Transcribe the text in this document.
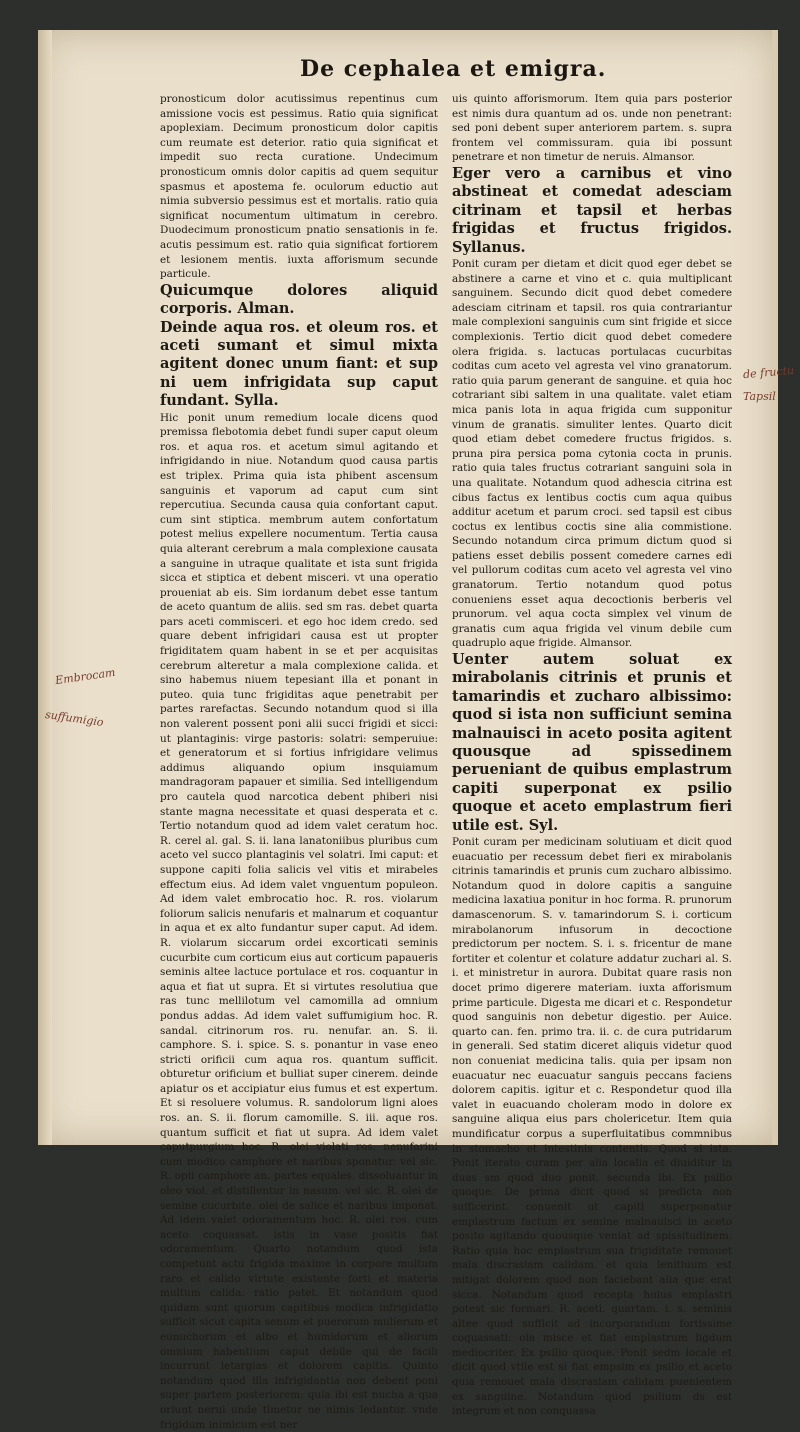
De cephalea et emigra.

pronosticum dolor acutissimus repentinus cum amissione vocis est pessimus. Ratio quia significat apoplexiam. Decimum pronosticum dolor capitis cum reumate est deterior. ratio quia significat et impedit suo recta curatione. Undecimum pronosticum omnis dolor capitis ad quem sequitur spasmus et apostema fe. oculorum eductio aut nimia subversio pessimus est et mortalis. ratio quia significat nocumentum ultimatum in cerebro. Duodecimum pronosticum pnatio sensationis in fe. acutis pessimum est. ratio quia significat fortiorem et lesionem mentis. iuxta afforismum secunde particule.

Quicumque dolores aliquid corporis. Alman.

Deinde aqua ros. et oleum ros. et aceti sumant et simul mixta agitent donec unum fiant: et sup ni uem infrigidata sup caput fundant. Sylla.

Hic ponit unum remedium locale dicens quod premissa flebotomia debet fundi super caput oleum ros. et aqua ros. et acetum simul agitando et infrigidando in niue. Notandum quod causa partis est triplex. Prima quia ista phibent ascensum sanguinis et vaporum ad caput cum sint repercutiua. Secunda causa quia confortant caput. cum sint stiptica. membrum autem confortatum potest melius expellere nocumentum. Tertia causa quia alterant cerebrum a mala complexione causata a sanguine in utraque qualitate et ista sunt frigida sicca et stiptica et debent misceri. vt una operatio proueniat ab eis. Sim iordanum debet esse tantum de aceto quantum de aliis. sed sm ras. debet quarta pars aceti commisceri. et ego hoc idem credo. sed quare debent infrigidari causa est ut propter frigiditatem quam habent in se et per acquisitas cerebrum alteretur a mala complexione calida. et sino habemus niuem tepesiant illa et ponant in puteo. quia tunc frigiditas aque penetrabit per partes rarefactas. Secundo notandum quod si illa non valerent possent poni alii succi frigidi et sicci: ut plantaginis: virge pastoris: solatri: semperuiue: et generatorum et si fortius infrigidare velimus addimus aliquando opium insquiamum mandragoram papauer et similia. Sed intelligendum pro cautela quod narcotica debent phiberi nisi stante magna necessitate et quasi desperata et c. Tertio notandum quod ad idem valet ceratum hoc. R. cerel al. gal. S. ii. lana lanatoniibus pluribus cum aceto vel succo plantaginis vel solatri. Imi caput: et suppone capiti folia salicis vel vitis et mirabeles effectum eius. Ad idem valet vnguentum populeon. Ad idem valet embrocatio hoc. R. ros. violarum foliorum salicis nenufaris et malnarum et coquantur in aqua et ex alto fundantur super caput. Ad idem. R. violarum siccarum ordei excorticati seminis cucurbite cum corticum eius aut corticum papaueris seminis altee lactuce portulace et ros. coquantur in aqua et fiat ut supra. Et si virtutes resolutiua que ras tunc mellilotum vel camomilla ad omnium pondus addas. Ad idem valet suffumigium hoc. R. sandal. citrinorum ros. ru. nenufar. an. S. ii. camphore. S. i. spice. S. s. ponantur in vase eneo stricti orificii cum aqua ros. quantum sufficit. obturetur orificium et bulliat super cinerem. deinde apiatur os et accipiatur eius fumus et est expertum. Et si resoluere volumus. R. sandolorum ligni aloes ros. an. S. ii. florum camomille. S. iii. aque ros. quantum sufficit et fiat ut supra. Ad idem valet caputpurgium hoc. R. olei violati ros. nenufarini cum modico camphore et naribus sponatur. vel sic. R. opii camphore an. partes equales. dissoluantur in oleo viol. et distillentur in nasum. vel sic. R. olei de semine cucurbite. olei de salice et naribus imponat. Ad idem valet odoramentum hoc. R. olei ros. cum aceto coquassat. istis in vase positis fiat odoramentum. Quarto notandum quod ista competunt actu frigida maxime in corpore multum raro et calido virtute existente forti et materia multum calida. ratio patet. Et notandum quod quidam sunt quorum capitibus modica infrigidatio sufficit sicut capita senum et puerorum mulierum et eunuchorum et albo et humidorum et aliorum omnium habentium caput debile qui de facili incurrunt letargias et dolorem capitis. Quinto notandum quod illa infrigidantia non debent poni super partem posteriorem: quia ibi est nucha a qua oriunt nerui unde timetur ne nimis ledantur. vnde frigidum inimicum est ner

uis quinto afforismorum. Item quia pars posterior est nimis dura quantum ad os. unde non penetrant: sed poni debent super anteriorem partem. s. supra frontem vel commissuram. quia ibi possunt penetrare et non timetur de neruis. Almansor.

Eger vero a carnibus et vino abstineat et comedat adesciam citrinam et tapsil et herbas frigidas et fructus frigidos. Syllanus.

Ponit curam per dietam et dicit quod eger debet se abstinere a carne et vino et c. quia multiplicant sanguinem. Secundo dicit quod debet comedere adesciam citrinam et tapsil. ros quia contrariantur male complexioni sanguinis cum sint frigide et sicce complexionis. Tertio dicit quod debet comedere olera frigida. s. lactucas portulacas cucurbitas coditas cum aceto vel agresta vel vino granatorum. ratio quia parum generant de sanguine. et quia hoc cotrariant sibi saltem in una qualitate. valet etiam mica panis lota in aqua frigida cum supponitur vinum de granatis. simuliter lentes. Quarto dicit quod etiam debet comedere fructus frigidos. s. pruna pira persica poma cytonia cocta in prunis. ratio quia tales fructus cotrariant sanguini sola in una qualitate. Notandum quod adhescia citrina est cibus factus ex lentibus coctis cum aqua quibus additur acetum et parum croci. sed tapsil est cibus coctus ex lentibus coctis sine alia commistione. Secundo notandum circa primum dictum quod si patiens esset debilis possent comedere carnes edi vel pullorum coditas cum aceto vel agresta vel vino granatorum. Tertio notandum quod potus conueniens esset aqua decoctionis berberis vel prunorum. vel aqua cocta simplex vel vinum de granatis cum aqua frigida vel vinum debile cum quadruplo aque frigide. Almansor.

Uenter autem soluat ex mirabolanis citrinis et prunis et tamarindis et zucharo albissimo: quod si ista non sufficiunt semina malnauisci in aceto posita agitent quousque ad spissedinem perueniant de quibus emplastrum capiti superponat ex psilio quoque et aceto emplastrum fieri utile est. Syl.

Ponit curam per medicinam solutiuam et dicit quod euacuatio per recessum debet fieri ex mirabolanis citrinis tamarindis et prunis cum zucharo albissimo. Notandum quod in dolore capitis a sanguine medicina laxatiua ponitur in hoc forma. R. prunorum damascenorum. S. v. tamarindorum S. i. corticum mirabolanorum infusorum in decoctione predictorum per noctem. S. i. s. fricentur de mane fortiter et colentur et colature addatur zuchari al. S. i. et ministretur in aurora. Dubitat quare rasis non docet primo digerere materiam. iuxta afforismum prime particule. Digesta me dicari et c. Respondetur quod sanguinis non debetur digestio. per Auice. quarto can. fen. primo tra. ii. c. de cura putridarum in generali. Sed statim diceret aliquis videtur quod non conueniat medicina talis. quia per ipsam non euacuatur nec euacuatur sanguis peccans faciens dolorem capitis. igitur et c. Respondetur quod illa valet in euacuando choleram modo in dolore ex sanguine aliqua eius pars cholericetur. Item quia mundificatur corpus a superfluitatibus commnibus in stomacho et intestinis contentis. Quod si ista. Ponit iterato curam per alia localia et diuiditur in duas sm quod duo ponit. secunda ibi. Ex psilio quoque. De prima dicit quod si predicta non sufficerint. conuenit ut capiti superponatur emplastrum factum ex semine malnauisci in aceto posito agitando quousque veniat ad spissitudinem. Ratio quia hoc emplastrum sua frigiditate remouet mala discrasiam calidam. et quia lenitiuum est mitigat dolorem quod non faciebant alia que erat sicca. Notandum quod recepta huius emplastri potest sic formari. R. aceti. quartam. i. s. seminis altee quod sufficit ad incorporandum fortissime coquassati: oia misce et fiat emplastrum ligdum mediocriter. Ex psilio quoque. Ponit sedm locale et dicit quod vtile est si fiat empsim ex psilio et aceto quia remouet mala discrasiam calidam puenientem ex sanguine. Notandum quod psilium ds est integrum et non conquassa

Embrocam
suffumigio
de fructu
Tapsil
